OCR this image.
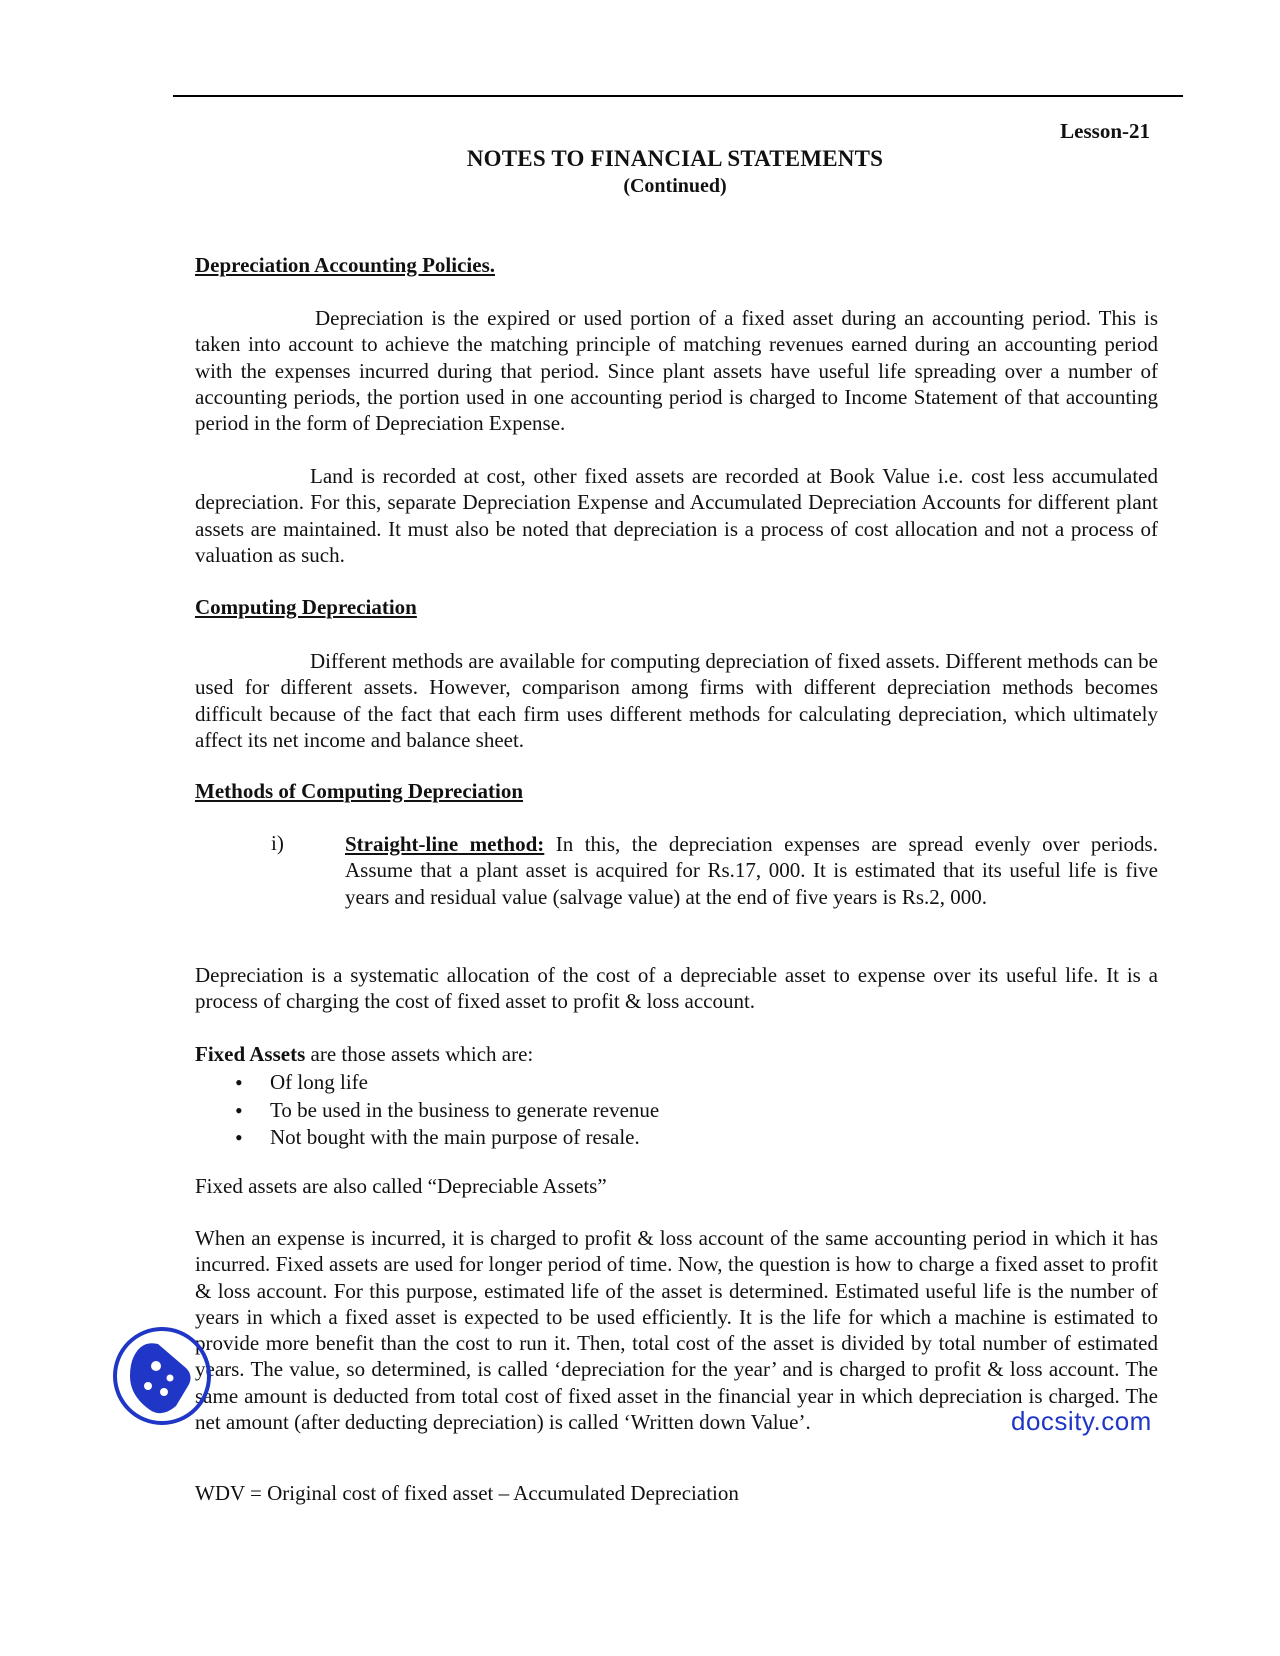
Lesson-21
NOTES TO FINANCIAL STATEMENTS
(Continued)
Depreciation Accounting Policies.

Depreciation is the expired or used portion of a fixed asset during an accounting period. This is taken into account to achieve the matching principle of matching revenues earned during an accounting period with the expenses incurred during that period. Since plant assets have useful life spreading over a number of accounting periods, the portion used in one accounting period is charged to Income Statement of that accounting period in the form of Depreciation Expense.

Land is recorded at cost, other fixed assets are recorded at Book Value i.e. cost less accumulated depreciation. For this, separate Depreciation Expense and Accumulated Depreciation Accounts for different plant assets are maintained. It must also be noted that depreciation is a process of cost allocation and not a process of valuation as such.

Computing Depreciation

Different methods are available for computing depreciation of fixed assets. Different methods can be used for different assets. However, comparison among firms with different depreciation methods becomes difficult because of the fact that each firm uses different methods for calculating depreciation, which ultimately affect its net income and balance sheet.

Methods of Computing Depreciation
i)	Straight-line method: In this, the depreciation expenses are spread evenly over periods. Assume that a plant asset is acquired for Rs.17, 000. It is estimated that its useful life is five years and residual value (salvage value) at the end of five years is Rs.2, 000.

Depreciation is a systematic allocation of the cost of a depreciable asset to expense over its useful life. It is a process of charging the cost of fixed asset to profit & loss account.

Fixed Assets are those assets which are:
• Of long life
• To be used in the business to generate revenue
• Not bought with the main purpose of resale.
Fixed assets are also called “Depreciable Assets”

When an expense is incurred, it is charged to profit & loss account of the same accounting period in which it has incurred. Fixed assets are used for longer period of time. Now, the question is how to charge a fixed asset to profit & loss account. For this purpose, estimated life of the asset is determined. Estimated useful life is the number of years in which a fixed asset is expected to be used efficiently. It is the life for which a machine is estimated to provide more benefit than the cost to run it. Then, total cost of the asset is divided by total number of estimated years. The value, so determined, is called ‘depreciation for the year’ and is charged to profit & loss account. The same amount is deducted from total cost of fixed asset in the financial year in which depreciation is charged. The net amount (after deducting depreciation) is called ‘Written down Value’.

WDV = Original cost of fixed asset – Accumulated Depreciation
docsity.com
